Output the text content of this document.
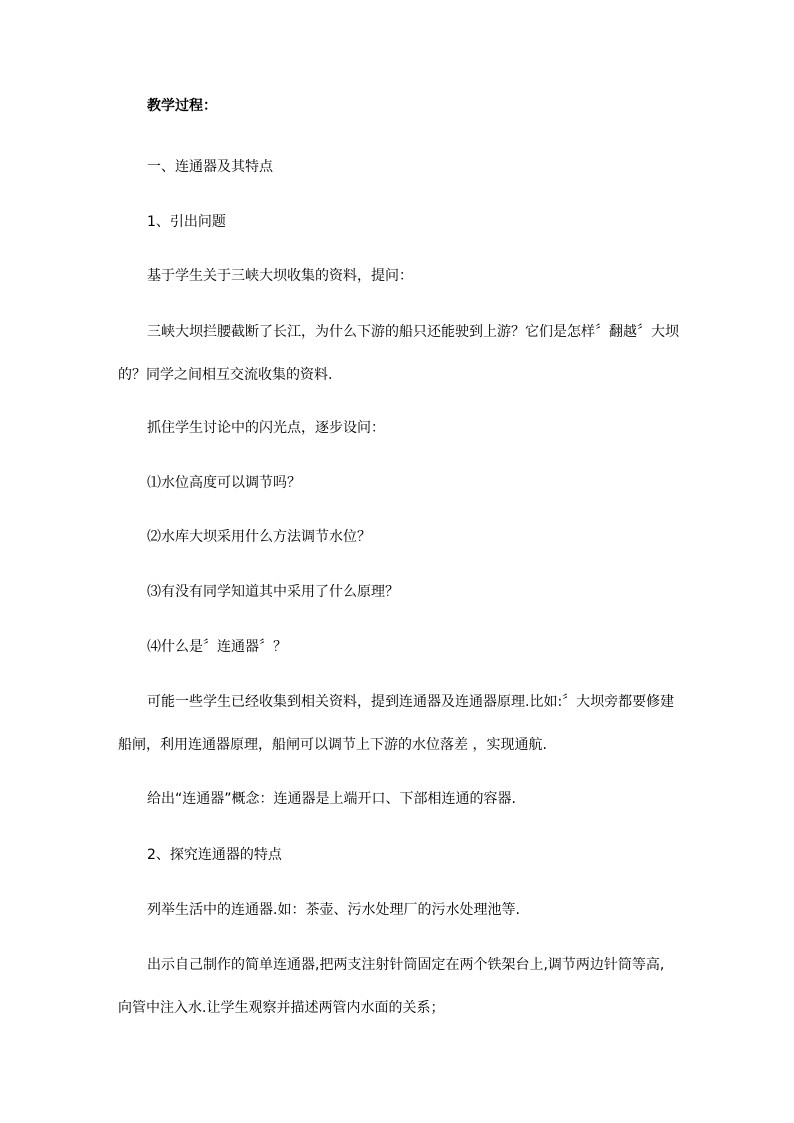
教学过程：
一、连通器及其特点
1、引出问题
基于学生关于三峡大坝收集的资料，提问：
三峡大坝拦腰截断了长江，为什么下游的船只还能驶到上游？它们是怎样〞翻越〞大坝
的？同学之间相互交流收集的资料.
抓住学生讨论中的闪光点，逐步设问：
⑴水位高度可以调节吗？
⑵水库大坝采用什么方法调节水位？
⑶有没有同学知道其中采用了什么原理？
⑷什么是〞连通器〞？
可能一些学生已经收集到相关资料，提到连通器及连通器原理.比如:〞大坝旁都要修建
船闸，利用连通器原理，船闸可以调节上下游的水位落差 ，实现通航.
给出“连通器”概念：连通器是上端开口、下部相连通的容器.
2、探究连通器的特点
列举生活中的连通器.如：茶壶、污水处理厂的污水处理池等.
出示自己制作的简单连通器,把两支注射针筒固定在两个铁架台上,调节两边针筒等高,
向管中注入水.让学生观察并描述两管内水面的关系；
